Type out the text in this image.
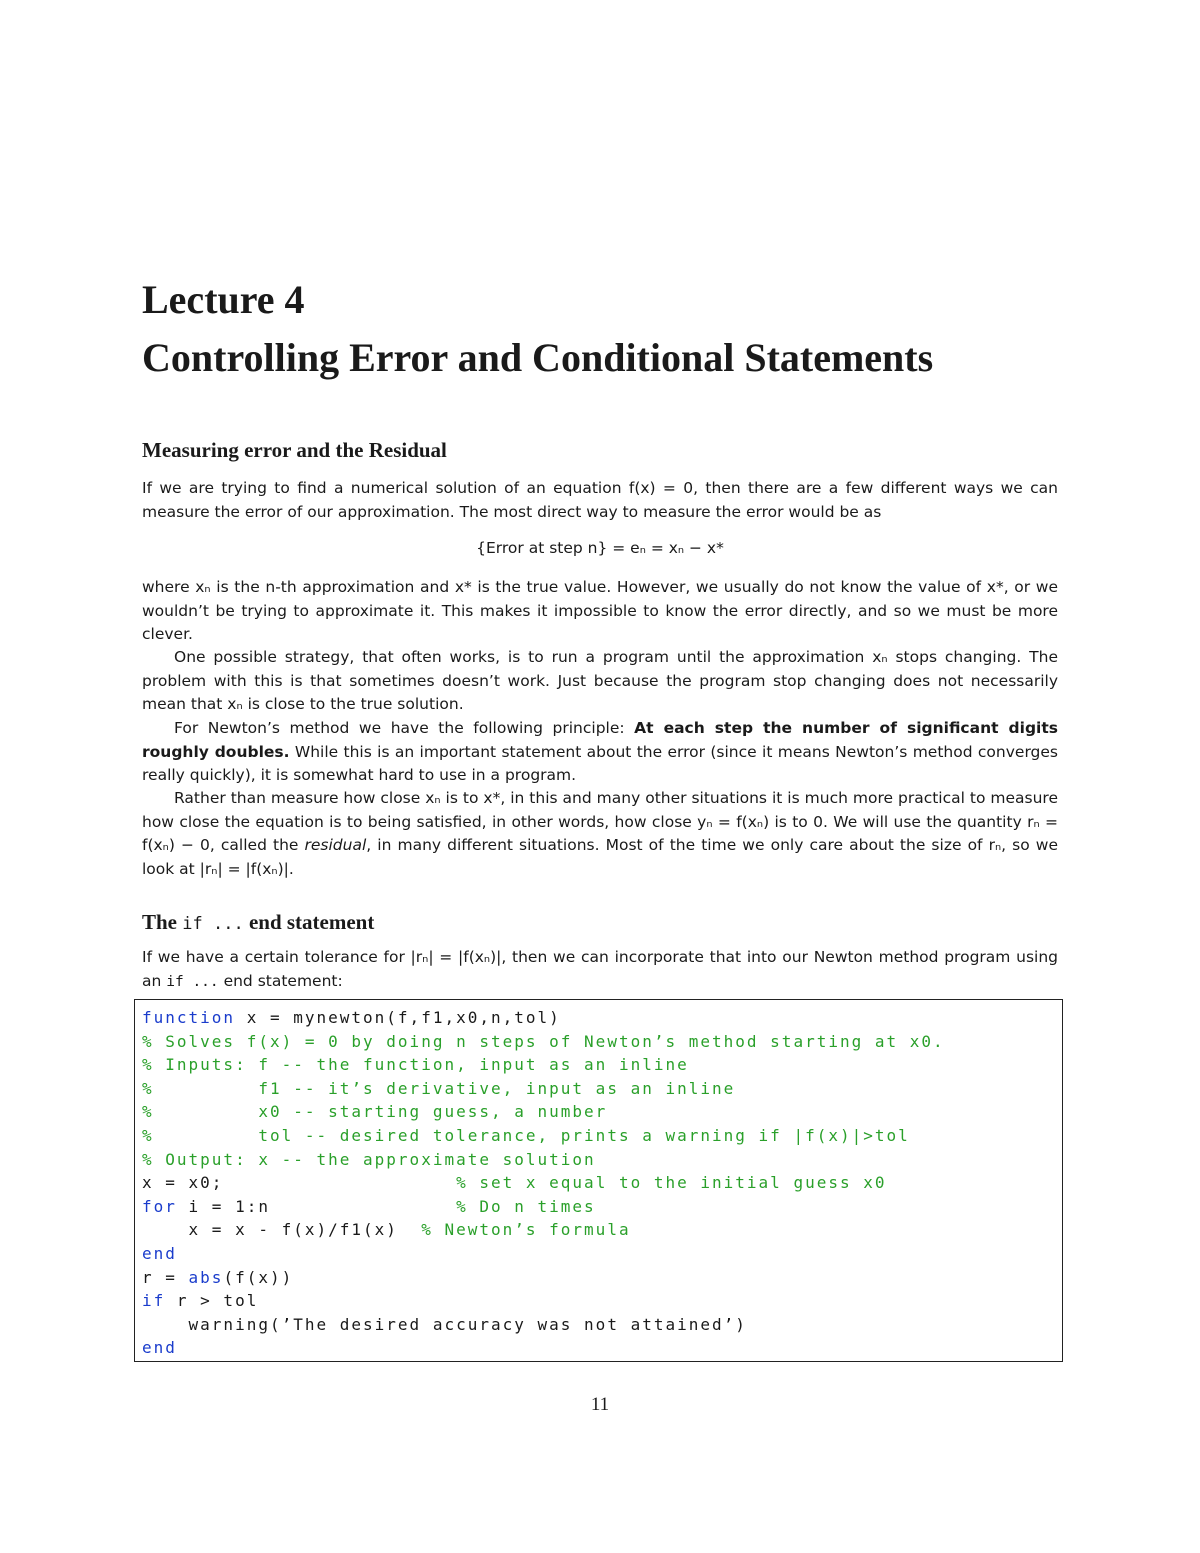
Lecture 4
Controlling Error and Conditional Statements
Measuring error and the Residual

If we are trying to find a numerical solution of an equation f(x) = 0, then there are a few different ways we can measure the error of our approximation. The most direct way to measure the error would be as

{Error at step n} = eₙ = xₙ − x*

where xₙ is the n-th approximation and x* is the true value. However, we usually do not know the value of x*, or we wouldn’t be trying to approximate it. This makes it impossible to know the error directly, and so we must be more clever.

One possible strategy, that often works, is to run a program until the approximation xₙ stops changing. The problem with this is that sometimes doesn’t work. Just because the program stop changing does not necessarily mean that xₙ is close to the true solution.

For Newton’s method we have the following principle: At each step the number of significant digits roughly doubles. While this is an important statement about the error (since it means Newton’s method converges really quickly), it is somewhat hard to use in a program.

Rather than measure how close xₙ is to x*, in this and many other situations it is much more practical to measure how close the equation is to being satisfied, in other words, how close yₙ = f(xₙ) is to 0. We will use the quantity rₙ = f(xₙ) − 0, called the residual, in many different situations. Most of the time we only care about the size of rₙ, so we look at |rₙ| = |f(xₙ)|.

The if ... end statement

If we have a certain tolerance for |rₙ| = |f(xₙ)|, then we can incorporate that into our Newton method program using an if ... end statement:

function x = mynewton(f,f1,x0,n,tol)
% Solves f(x) = 0 by doing n steps of Newton’s method starting at x0.
% Inputs: f -- the function, input as an inline
%         f1 -- it’s derivative, input as an inline
%         x0 -- starting guess, a number
%         tol -- desired tolerance, prints a warning if |f(x)|>tol
% Output: x -- the approximate solution
x = x0;                    % set x equal to the initial guess x0
for i = 1:n                % Do n times
x = x - f(x)/f1(x)  % Newton’s formula
end
r = abs(f(x))
if r > tol
warning(’The desired accuracy was not attained’)
end
11
